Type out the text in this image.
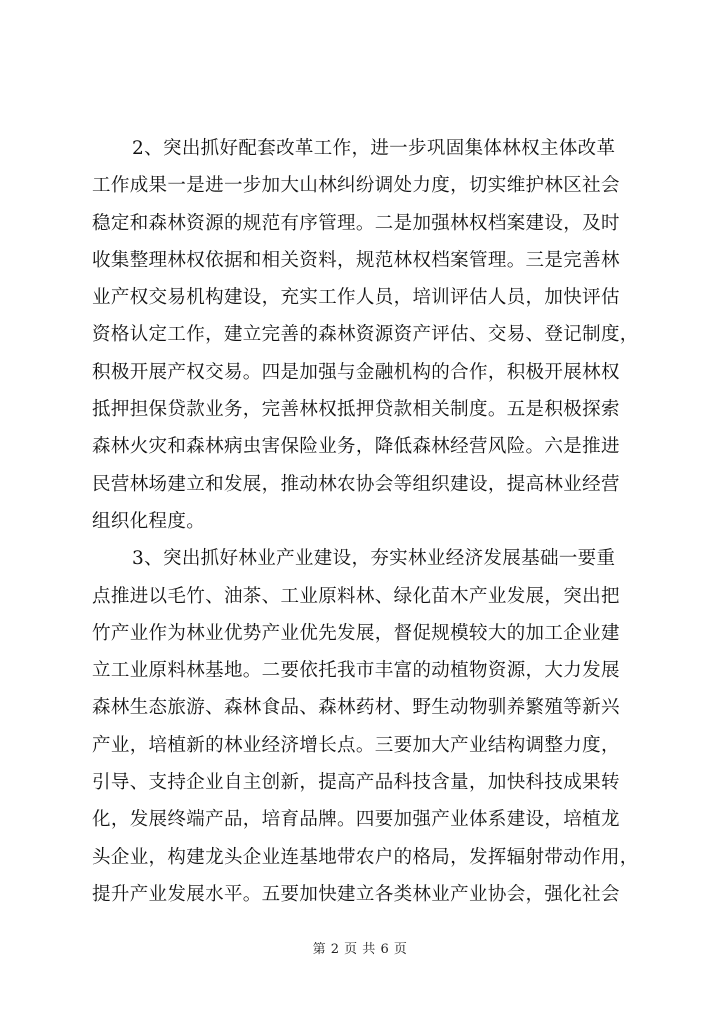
2、突出抓好配套改革工作，进一步巩固集体林权主体改革
工作成果一是进一步加大山林纠纷调处力度，切实维护林区社会
稳定和森林资源的规范有序管理。二是加强林权档案建设，及时
收集整理林权依据和相关资料，规范林权档案管理。三是完善林
业产权交易机构建设，充实工作人员，培训评估人员，加快评估
资格认定工作，建立完善的森林资源资产评估、交易、登记制度，
积极开展产权交易。四是加强与金融机构的合作，积极开展林权
抵押担保贷款业务，完善林权抵押贷款相关制度。五是积极探索
森林火灾和森林病虫害保险业务，降低森林经营风险。六是推进
民营林场建立和发展，推动林农协会等组织建设，提高林业经营
组织化程度。
3、突出抓好林业产业建设，夯实林业经济发展基础一要重
点推进以毛竹、油茶、工业原料林、绿化苗木产业发展，突出把
竹产业作为林业优势产业优先发展，督促规模较大的加工企业建
立工业原料林基地。二要依托我市丰富的动植物资源，大力发展
森林生态旅游、森林食品、森林药材、野生动物驯养繁殖等新兴
产业，培植新的林业经济增长点。三要加大产业结构调整力度，
引导、支持企业自主创新，提高产品科技含量，加快科技成果转
化，发展终端产品，培育品牌。四要加强产业体系建设，培植龙
头企业，构建龙头企业连基地带农户的格局，发挥辐射带动作用，
提升产业发展水平。五要加快建立各类林业产业协会，强化社会
第 2 页 共 6 页
